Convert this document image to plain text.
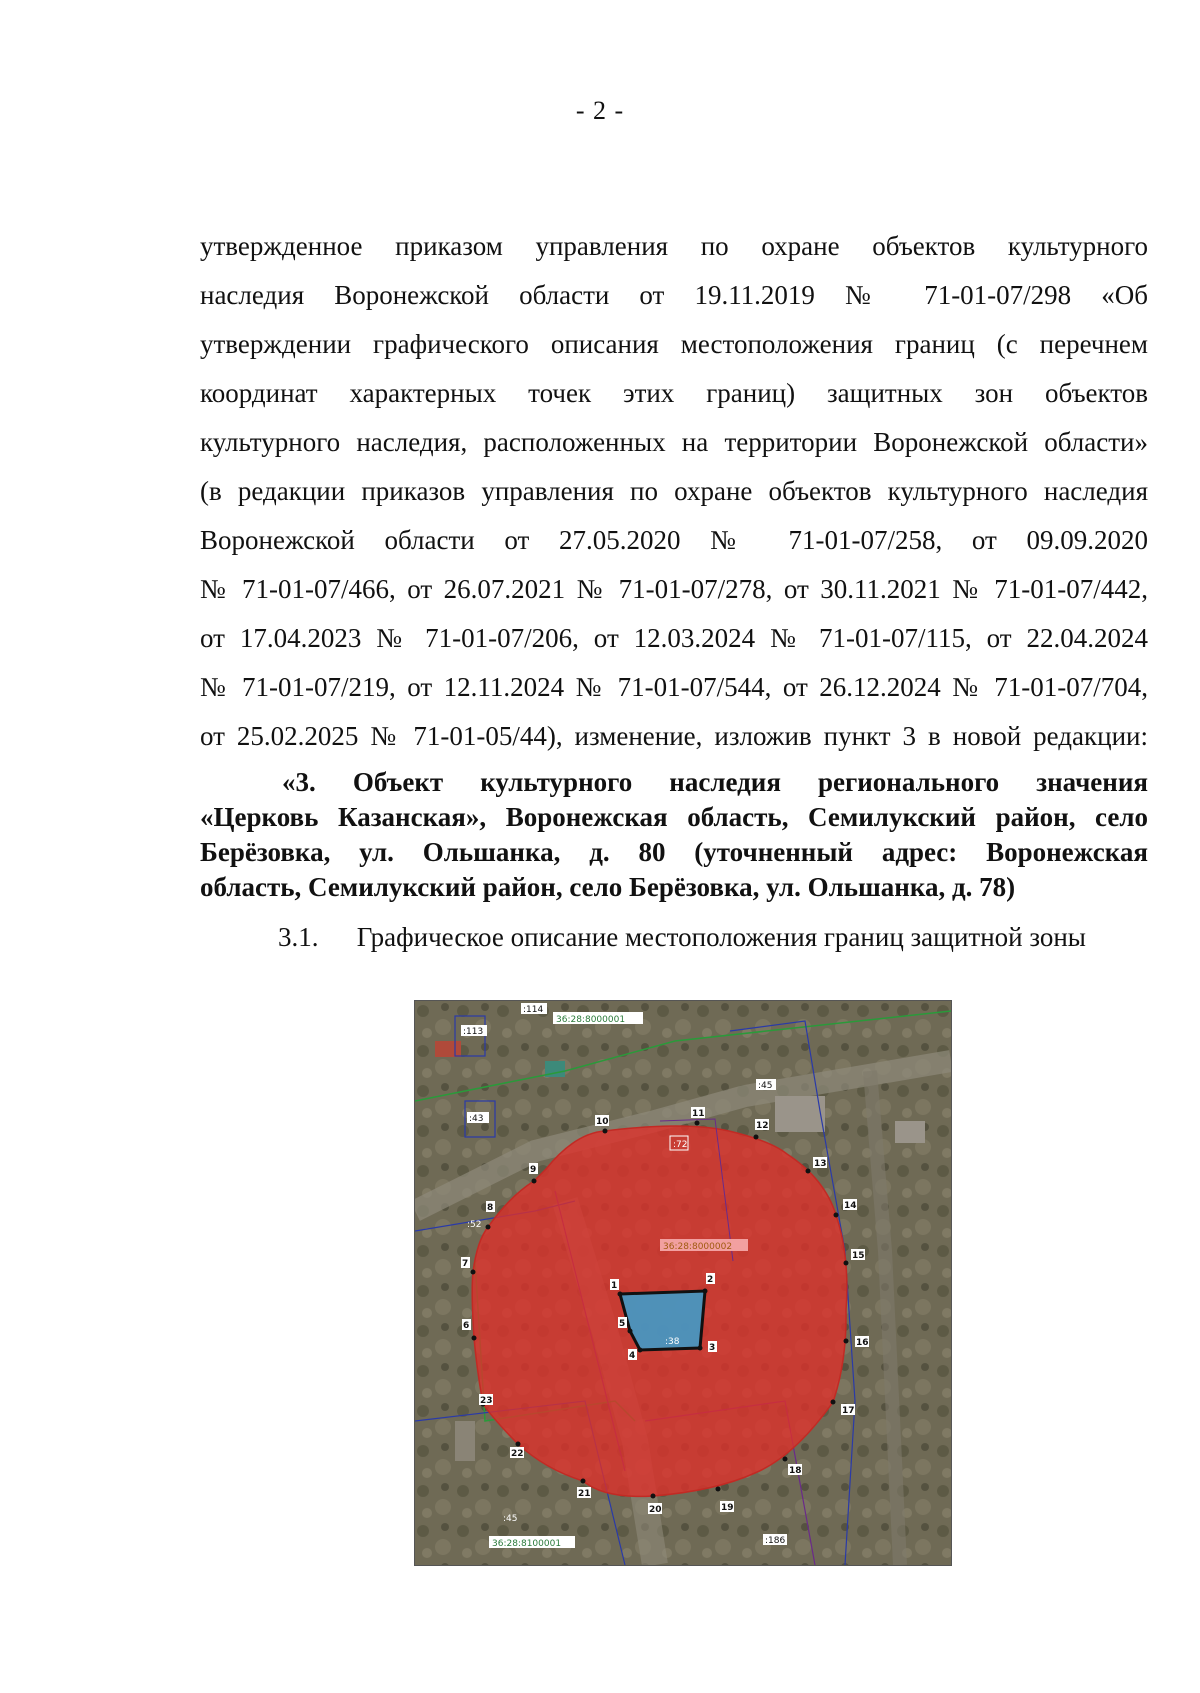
- 2 -

утвержденное приказом управления по охране объектов культурного
наследия Воронежской области от 19.11.2019 № 71-01-07/298 «Об
утверждении графического описания местоположения границ (с перечнем
координат характерных точек этих границ) защитных зон объектов
культурного наследия, расположенных на территории Воронежской области»
(в редакции приказов управления по охране объектов культурного наследия
Воронежской области от 27.05.2020 № 71-01-07/258, от 09.09.2020
№ 71-01-07/466, от 26.07.2021 № 71-01-07/278, от 30.11.2021 № 71-01-07/442,
от 17.04.2023 № 71-01-07/206, от 12.03.2024 № 71-01-07/115, от 22.04.2024
№ 71-01-07/219, от 12.11.2024 № 71-01-07/544, от 26.12.2024 № 71-01-07/704,
от 25.02.2025 № 71-01-05/44), изменение, изложив пункт 3 в новой редакции:

«3. Объект культурного наследия регионального значения
«Церковь Казанская», Воронежская область, Семилукский район, село
Берёзовка, ул. Ольшанка, д. 80 (уточненный адрес: Воронежская
область, Семилукский район, село Берёзовка, ул. Ольшанка, д. 78)

3.1. Графическое описание местоположения границ защитной зоны
36:28:8000001
36:28:8000002
36:28:8100001
:114
:113
:43
:45
:72
:52
:186
:45
:38
1
2
3
4
5
6
7
8
9
10
11
12
13
14
15
16
17
18
19
20
21
22
23
